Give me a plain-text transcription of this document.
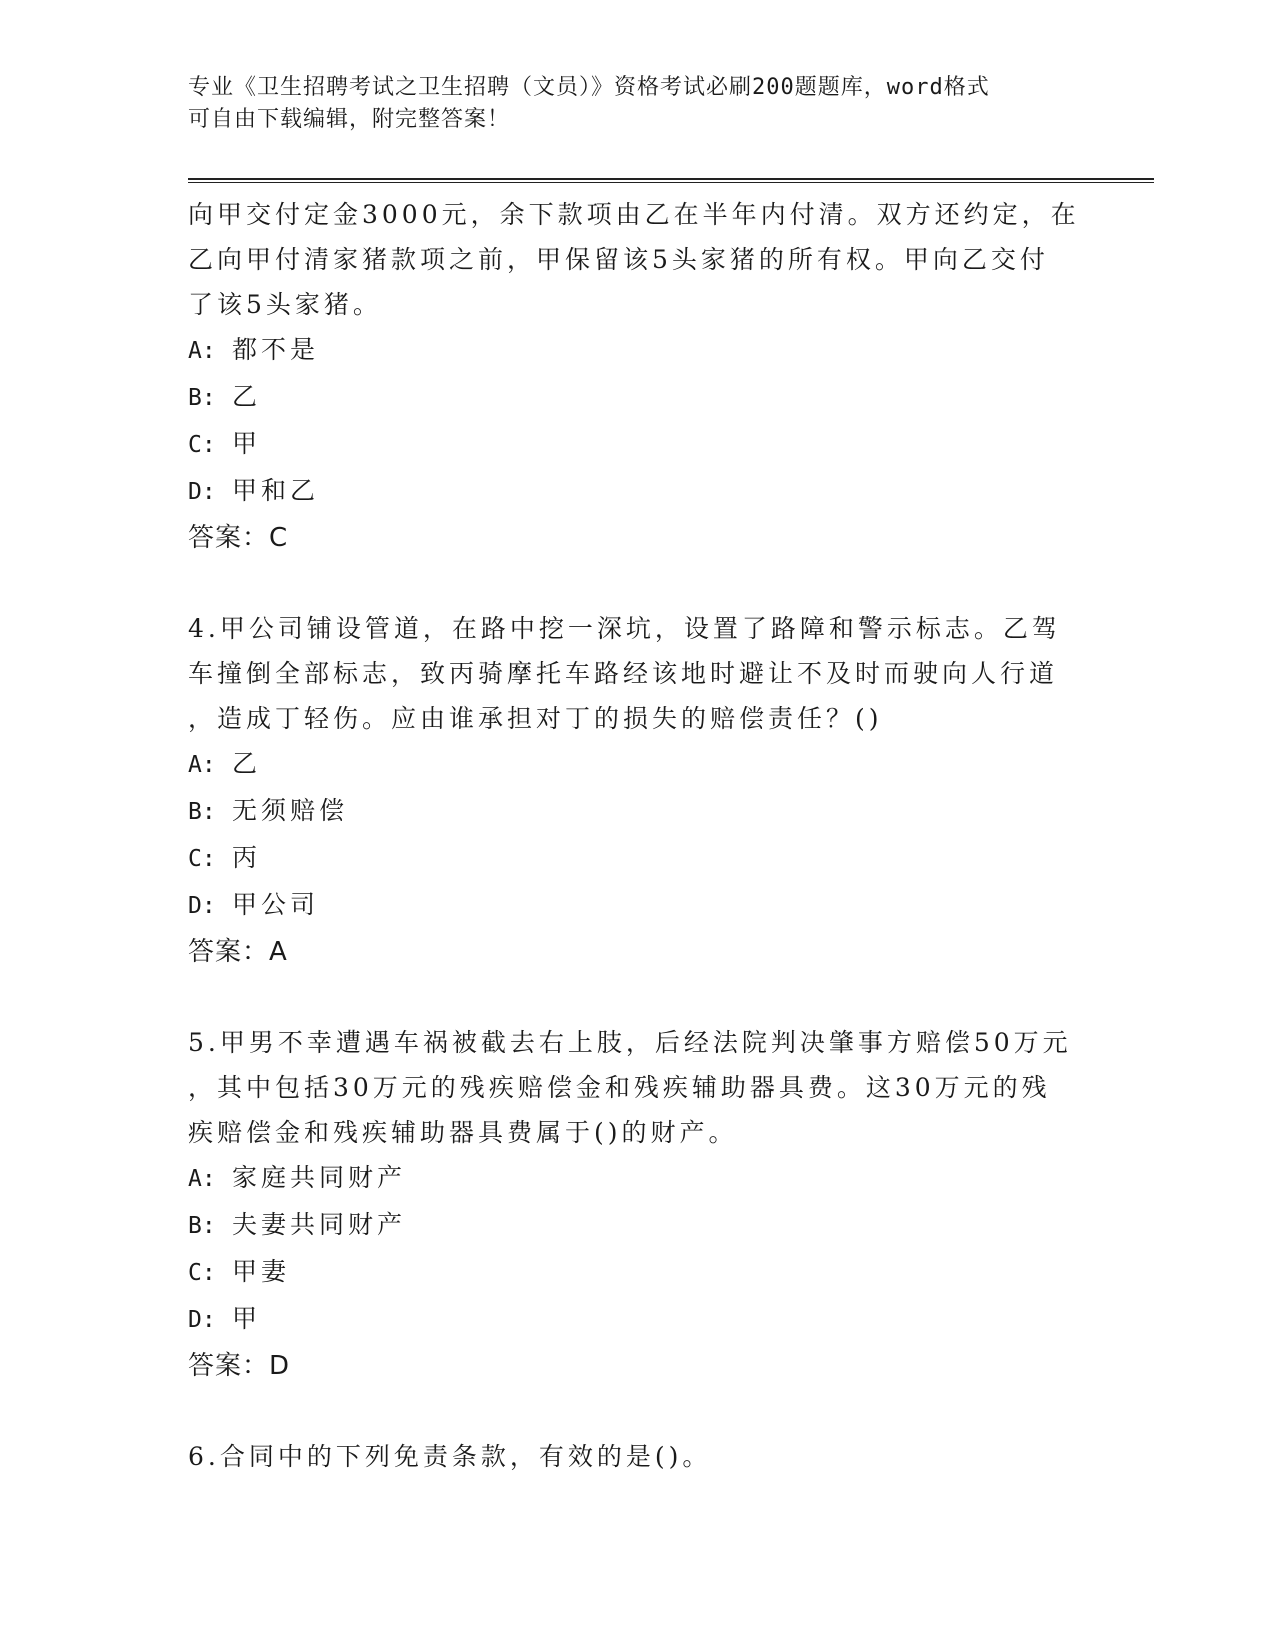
专业《卫生招聘考试之卫生招聘（文员）》资格考试必刷200题题库，word格式
可自由下载编辑，附完整答案！

向甲交付定金3000元，余下款项由乙在半年内付清。双方还约定，在

乙向甲付清家猪款项之前，甲保留该5头家猪的所有权。甲向乙交付

了该5头家猪。

A: 都不是

B: 乙

C: 甲

D: 甲和乙

答案：C

4.甲公司铺设管道，在路中挖一深坑，设置了路障和警示标志。乙驾

车撞倒全部标志，致丙骑摩托车路经该地时避让不及时而驶向人行道

，造成丁轻伤。应由谁承担对丁的损失的赔偿责任？()

A: 乙

B: 无须赔偿

C: 丙

D: 甲公司

答案：A

5.甲男不幸遭遇车祸被截去右上肢，后经法院判决肇事方赔偿50万元

，其中包括30万元的残疾赔偿金和残疾辅助器具费。这30万元的残

疾赔偿金和残疾辅助器具费属于()的财产。

A: 家庭共同财产

B: 夫妻共同财产

C: 甲妻

D: 甲

答案：D

6.合同中的下列免责条款，有效的是()。
